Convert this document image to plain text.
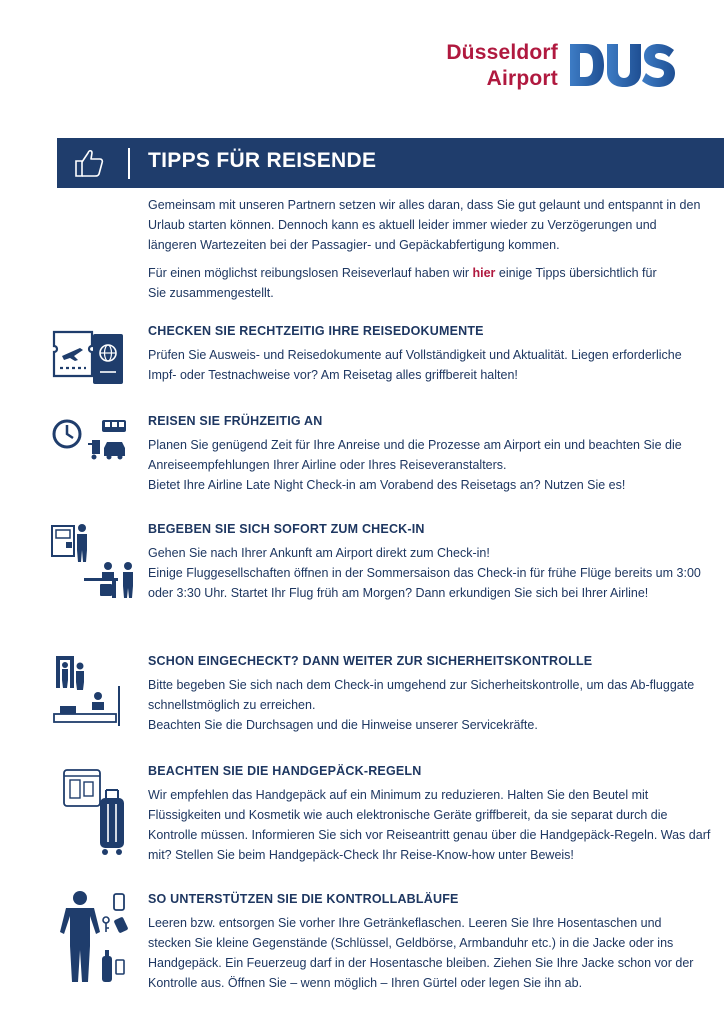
Düsseldorf
Airport
TIPPS FÜR REISENDE

Gemeinsam mit unseren Partnern setzen wir alles daran, dass Sie gut gelaunt und entspannt in den Urlaub starten können. Dennoch kann es aktuell leider immer wieder zu Verzögerungen und längeren Wartezeiten bei der Passagier- und Gepäckabfertigung kommen.

Für einen möglichst reibungslosen Reiseverlauf haben wir hier einige Tipps übersichtlich für Sie zusammengestellt.

CHECKEN SIE RECHTZEITIG IHRE REISEDOKUMENTE

Prüfen Sie Ausweis- und Reisedokumente auf Vollständigkeit und Aktualität. Liegen erforderliche Impf- oder Testnachweise vor? Am Reisetag alles griffbereit halten!

REISEN SIE FRÜHZEITIG AN

Planen Sie genügend Zeit für Ihre Anreise und die Prozesse am Airport ein und beachten Sie die Anreiseempfehlungen Ihrer Airline oder Ihres Reiseveranstalters.

Bietet Ihre Airline Late Night Check-in am Vorabend des Reisetags an? Nutzen Sie es!

BEGEBEN SIE SICH SOFORT ZUM CHECK-IN

Gehen Sie nach Ihrer Ankunft am Airport direkt zum Check-in!

Einige Fluggesellschaften öffnen in der Sommersaison das Check-in für frühe Flüge bereits um 3:00 oder 3:30 Uhr. Startet Ihr Flug früh am Morgen? Dann erkundigen Sie sich bei Ihrer Airline!

SCHON EINGECHECKT? DANN WEITER ZUR SICHERHEITSKONTROLLE

Bitte begeben Sie sich nach dem Check-in umgehend zur Sicherheitskontrolle, um das Ab-fluggate schnellstmöglich zu erreichen.

Beachten Sie die Durchsagen und die Hinweise unserer Servicekräfte.

BEACHTEN SIE DIE HANDGEPÄCK-REGELN

Wir empfehlen das Handgepäck auf ein Minimum zu reduzieren. Halten Sie den Beutel mit Flüssigkeiten und Kosmetik wie auch elektronische Geräte griffbereit, da sie separat durch die Kontrolle müssen. Informieren Sie sich vor Reiseantritt genau über die Handgepäck-Regeln. Was darf mit? Stellen Sie beim Handgepäck-Check Ihr Reise-Know-how unter Beweis!

SO UNTERSTÜTZEN SIE DIE KONTROLLABLÄUFE

Leeren bzw. entsorgen Sie vorher Ihre Getränkeflaschen. Leeren Sie Ihre Hosentaschen und stecken Sie kleine Gegenstände (Schlüssel, Geldbörse, Armbanduhr etc.) in die Jacke oder ins Handgepäck. Ein Feuerzeug darf in der Hosentasche bleiben. Ziehen Sie Ihre Jacke schon vor der Kontrolle aus. Öffnen Sie – wenn möglich – Ihren Gürtel oder legen Sie ihn ab.
